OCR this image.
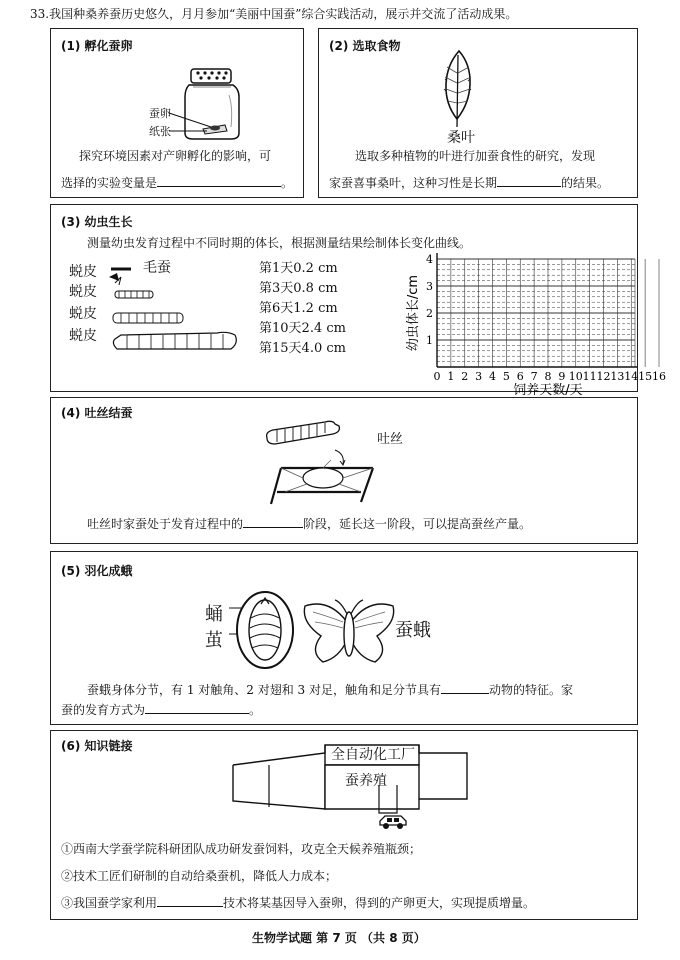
33.我国种桑养蚕历史悠久，月月参加“美丽中国蚕”综合实践活动，展示并交流了活动成果。
(1) 孵化蚕卵
蚕卵
纸张
探究环境因素对产卵孵化的影响，可
选择的实验变量是	。
(2) 选取食物
桑叶
选取多种植物的叶进行加蚕食性的研究，发现
家蚕喜事桑叶，这种习性是长期	的结果。
(3) 幼虫生长
测量幼虫发育过程中不同时期的体长，根据测量结果绘制体长变化曲线。
蜕皮
蜕皮
蜕皮
蜕皮
毛蚕	第1天0.2 cm
第3天0.8 cm
第6天1.2 cm
第10天2.4 cm
第15天4.0 cm
0 1 2 3 4 5 6 7 8 9 10 11 12 13 14 15 16
1
2
3
4
饲养天数/天
幼虫体长/cm
(4) 吐丝结蚕
吐丝
吐丝时家蚕处于发育过程中的	阶段，延长这一阶段，可以提高蚕丝产量。
(5) 羽化成蛾
蛹
茧	蚕蛾
蚕蛾身体分节，有 1 对触角、2 对翅和 3 对足，触角和足分节具有	动物的特征。家
蚕的发育方式为	。
(6) 知识链接
全自动化工厂
蚕养殖
①西南大学蚕学院科研团队成功研发蚕饲料，攻克全天候养殖瓶颈；
②技术工匠们研制的自动给桑蚕机，降低人力成本；
③我国蚕学家利用	技术将某基因导入蚕卵，得到的产卵更大，实现提质增量。
生物学试题 第 7 页 （共 8 页）
